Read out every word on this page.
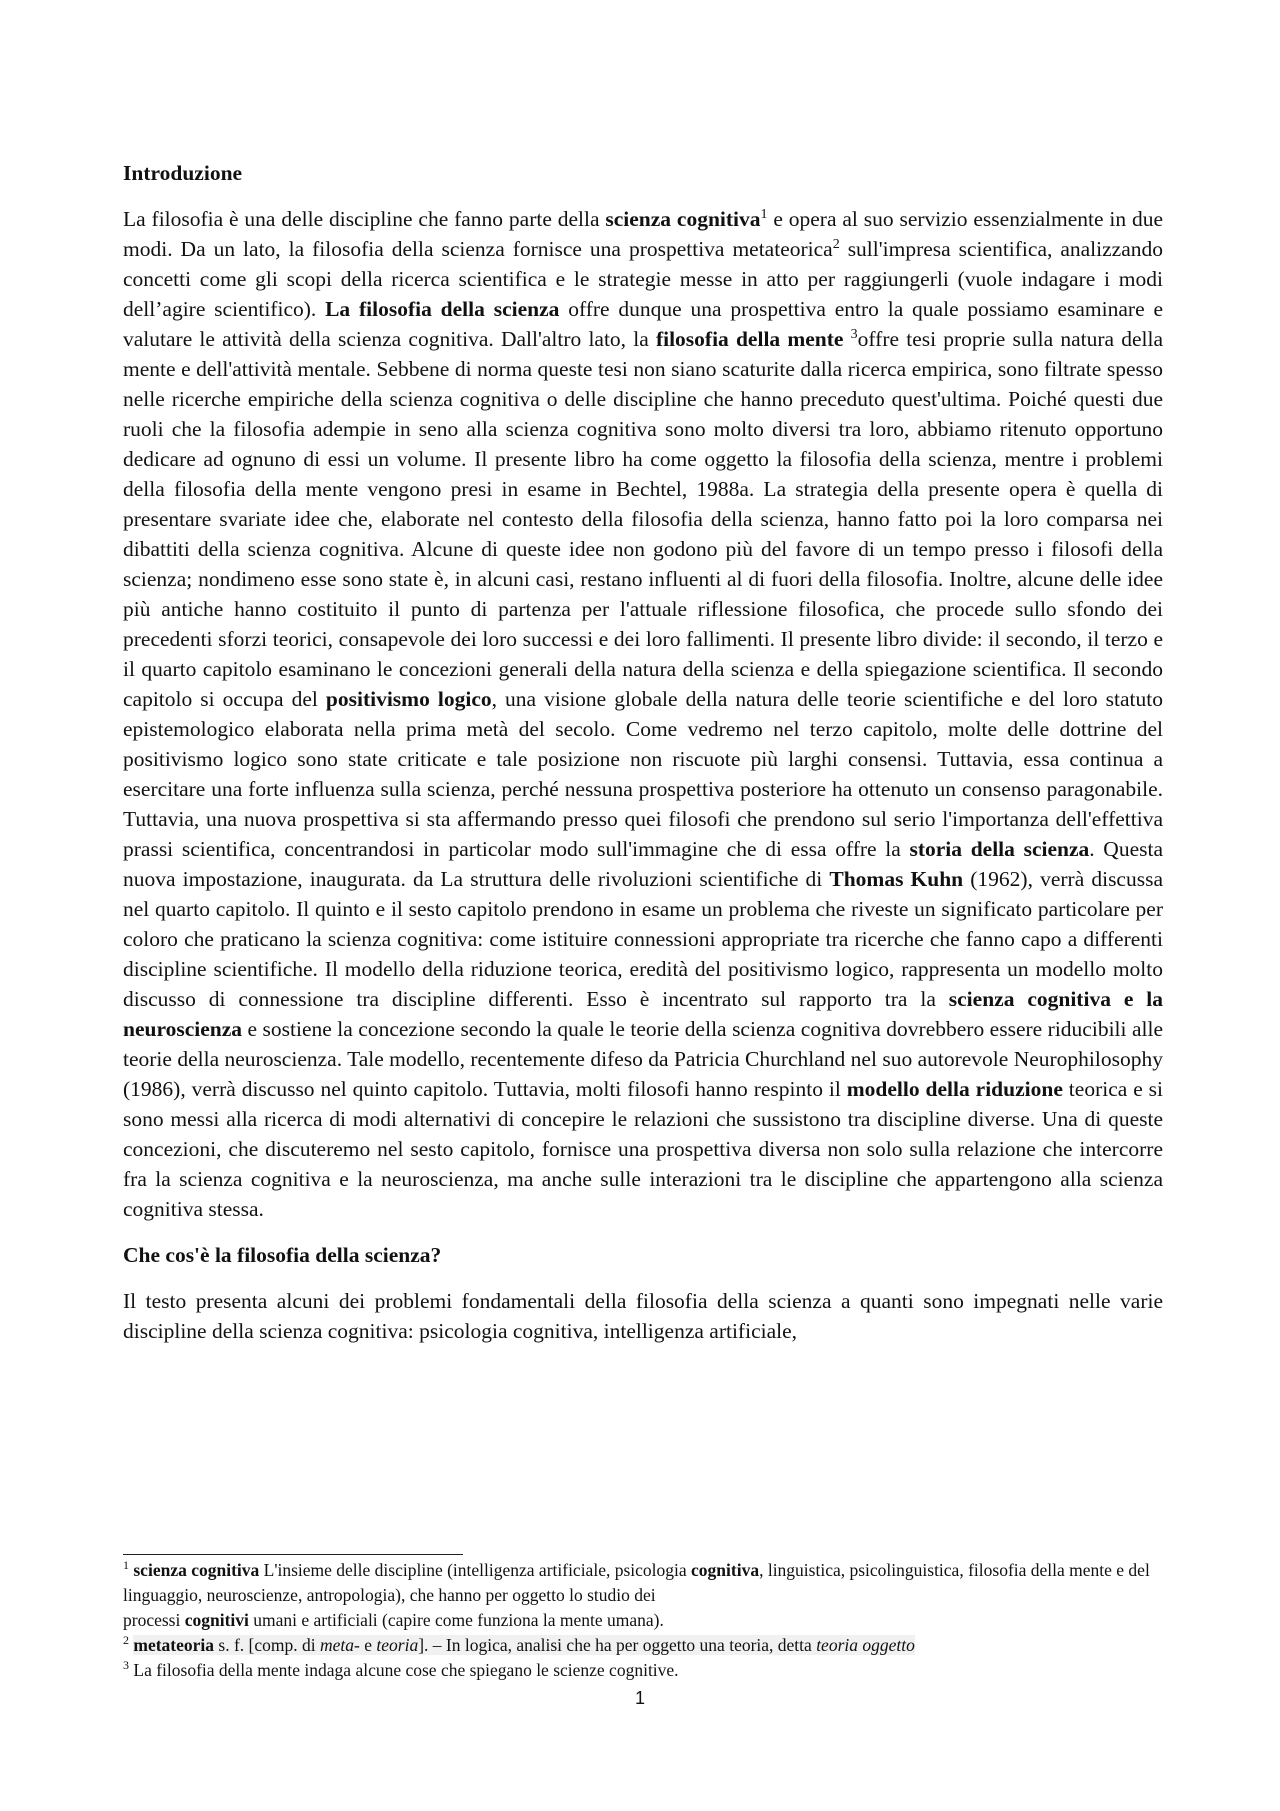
Introduzione

La filosofia è una delle discipline che fanno parte della scienza cognitiva$^1$ e opera al suo servizio essenzialmente in due modi. Da un lato, la filosofia della scienza fornisce una prospettiva metateorica$^2$ sull'impresa scientifica, analizzando concetti come gli scopi della ricerca scientifica e le strategie messe in atto per raggiungerli (vuole indagare i modi dell’agire scientifico). La filosofia della scienza offre dunque una prospettiva entro la quale possiamo esaminare e valutare le attività della scienza cognitiva. Dall'altro lato, la filosofia della mente $^3$offre tesi proprie sulla natura della mente e dell'attività mentale. Sebbene di norma queste tesi non siano scaturite dalla ricerca empirica, sono filtrate spesso nelle ricerche empiriche della scienza cognitiva o delle discipline che hanno preceduto quest'ultima. Poiché questi due ruoli che la filosofia adempie in seno alla scienza cognitiva sono molto diversi tra loro, abbiamo ritenuto opportuno dedicare ad ognuno di essi un volume. Il presente libro ha come oggetto la filosofia della scienza, mentre i problemi della filosofia della mente vengono presi in esame in Bechtel, 1988a. La strategia della presente opera è quella di presentare svariate idee che, elaborate nel contesto della filosofia della scienza, hanno fatto poi la loro comparsa nei dibattiti della scienza cognitiva. Alcune di queste idee non godono più del favore di un tempo presso i filosofi della scienza; nondimeno esse sono state è, in alcuni casi, restano influenti al di fuori della filosofia. Inoltre, alcune delle idee più antiche hanno costituito il punto di partenza per l'attuale riflessione filosofica, che procede sullo sfondo dei precedenti sforzi teorici, consapevole dei loro successi e dei loro fallimenti. Il presente libro divide: il secondo, il terzo e il quarto capitolo esaminano le concezioni generali della natura della scienza e della spiegazione scientifica. Il secondo capitolo si occupa del positivismo logico, una visione globale della natura delle teorie scientifiche e del loro statuto epistemologico elaborata nella prima metà del secolo. Come vedremo nel terzo capitolo, molte delle dottrine del positivismo logico sono state criticate e tale posizione non riscuote più larghi consensi. Tuttavia, essa continua a esercitare una forte influenza sulla scienza, perché nessuna prospettiva posteriore ha ottenuto un consenso paragonabile. Tuttavia, una nuova prospettiva si sta affermando presso quei filosofi che prendono sul serio l'importanza dell'effettiva prassi scientifica, concentrandosi in particolar modo sull'immagine che di essa offre la storia della scienza. Questa nuova impostazione, inaugurata. da La struttura delle rivoluzioni scientifiche di Thomas Kuhn (1962), verrà discussa nel quarto capitolo. Il quinto e il sesto capitolo prendono in esame un problema che riveste un significato particolare per coloro che praticano la scienza cognitiva: come istituire connessioni appropriate tra ricerche che fanno capo a differenti discipline scientifiche. Il modello della riduzione teorica, eredità del positivismo logico, rappresenta un modello molto discusso di connessione tra discipline differenti. Esso è incentrato sul rapporto tra la scienza cognitiva e la neuroscienza e sostiene la concezione secondo la quale le teorie della scienza cognitiva dovrebbero essere riducibili alle teorie della neuroscienza. Tale modello, recentemente difeso da Patricia Churchland nel suo autorevole Neurophilosophy (1986), verrà discusso nel quinto capitolo. Tuttavia, molti filosofi hanno respinto il modello della riduzione teorica e si sono messi alla ricerca di modi alternativi di concepire le relazioni che sussistono tra discipline diverse. Una di queste concezioni, che discuteremo nel sesto capitolo, fornisce una prospettiva diversa non solo sulla relazione che intercorre fra la scienza cognitiva e la neuroscienza, ma anche sulle interazioni tra le discipline che appartengono alla scienza cognitiva stessa.

Che cos'è la filosofia della scienza?

Il testo presenta alcuni dei problemi fondamentali della filosofia della scienza a quanti sono impegnati nelle varie discipline della scienza cognitiva: psicologia cognitiva, intelligenza artificiale,

$^1$ scienza cognitiva L'insieme delle discipline (intelligenza artificiale, psicologia cognitiva, linguistica, psicolinguistica, filosofia della mente e del linguaggio, neuroscienze, antropologia), che hanno per oggetto lo studio dei
processi cognitivi umani e artificiali (capire come funziona la mente umana).

$^2$ metateoria s. f. [comp. di meta- e teoria]. – In logica, analisi che ha per oggetto una teoria, detta teoria oggetto

$^3$ La filosofia della mente indaga alcune cose che spiegano le scienze cognitive.

1
